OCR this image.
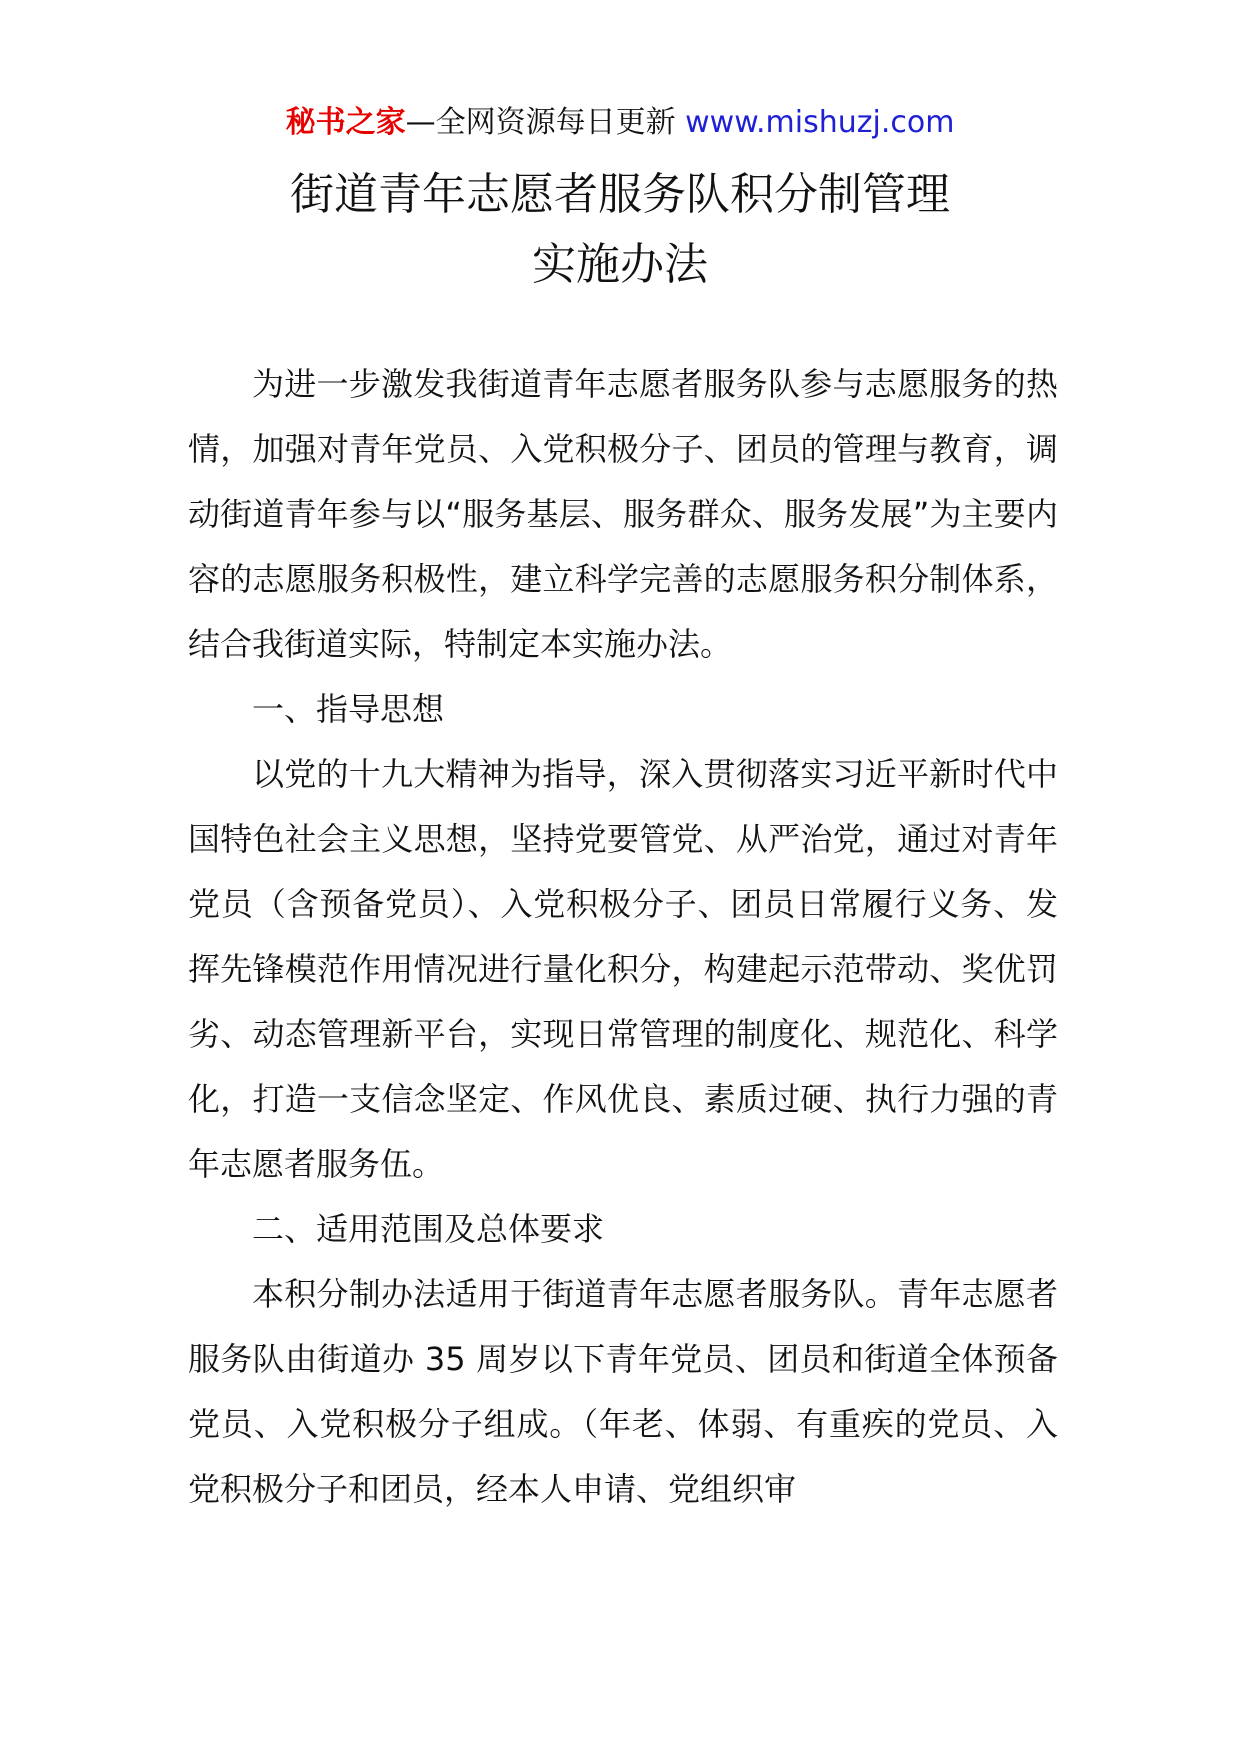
秘书之家—全网资源每日更新 www.mishuzj.com
街道青年志愿者服务队积分制管理
实施办法

为进一步激发我街道青年志愿者服务队参与志愿服务的热情，加强对青年党员、入党积极分子、团员的管理与教育，调动街道青年参与以“服务基层、服务群众、服务发展”为主要内容的志愿服务积极性，建立科学完善的志愿服务积分制体系，结合我街道实际，特制定本实施办法。

一、指导思想

以党的十九大精神为指导，深入贯彻落实习近平新时代中国特色社会主义思想，坚持党要管党、从严治党，通过对青年党员（含预备党员）、入党积极分子、团员日常履行义务、发挥先锋模范作用情况进行量化积分，构建起示范带动、奖优罚劣、动态管理新平台，实现日常管理的制度化、规范化、科学化，打造一支信念坚定、作风优良、素质过硬、执行力强的青年志愿者服务伍。

二、适用范围及总体要求

本积分制办法适用于街道青年志愿者服务队。青年志愿者服务队由街道办 35 周岁以下青年党员、团员和街道全体预备党员、入党积极分子组成。（年老、体弱、有重疾的党员、入党积极分子和团员，经本人申请、党组织审
